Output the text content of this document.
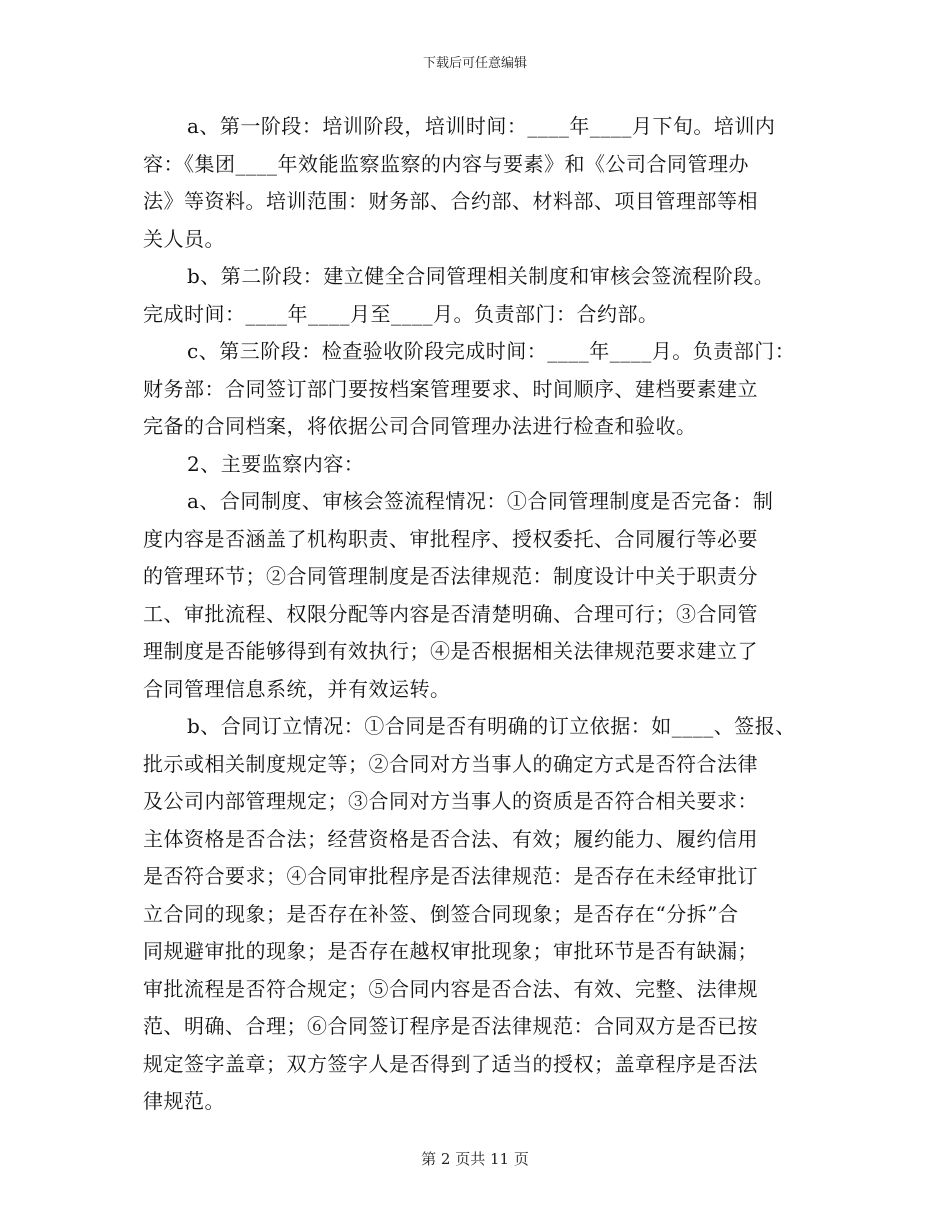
下载后可任意编辑
a、第一阶段：培训阶段，培训时间：____年____月下旬。培训内
容：《集团____年效能监察监察的内容与要素》和《公司合同管理办
法》等资料。培训范围：财务部、合约部、材料部、项目管理部等相
关人员。
b、第二阶段：建立健全合同管理相关制度和审核会签流程阶段。
完成时间：____年____月至____月。负责部门：合约部。
c、第三阶段：检查验收阶段完成时间：____年____月。负责部门：
财务部：合同签订部门要按档案管理要求、时间顺序、建档要素建立
完备的合同档案，将依据公司合同管理办法进行检查和验收。
2、主要监察内容：
a、合同制度、审核会签流程情况：①合同管理制度是否完备：制
度内容是否涵盖了机构职责、审批程序、授权委托、合同履行等必要
的管理环节；②合同管理制度是否法律规范：制度设计中关于职责分
工、审批流程、权限分配等内容是否清楚明确、合理可行；③合同管
理制度是否能够得到有效执行；④是否根据相关法律规范要求建立了
合同管理信息系统，并有效运转。
b、合同订立情况：①合同是否有明确的订立依据：如____、签报、
批示或相关制度规定等；②合同对方当事人的确定方式是否符合法律
及公司内部管理规定；③合同对方当事人的资质是否符合相关要求：
主体资格是否合法；经营资格是否合法、有效；履约能力、履约信用
是否符合要求；④合同审批程序是否法律规范：是否存在未经审批订
立合同的现象；是否存在补签、倒签合同现象；是否存在“分拆”合
同规避审批的现象；是否存在越权审批现象；审批环节是否有缺漏；
审批流程是否符合规定；⑤合同内容是否合法、有效、完整、法律规
范、明确、合理；⑥合同签订程序是否法律规范：合同双方是否已按
规定签字盖章；双方签字人是否得到了适当的授权；盖章程序是否法
律规范。
第 2 页共 11 页
